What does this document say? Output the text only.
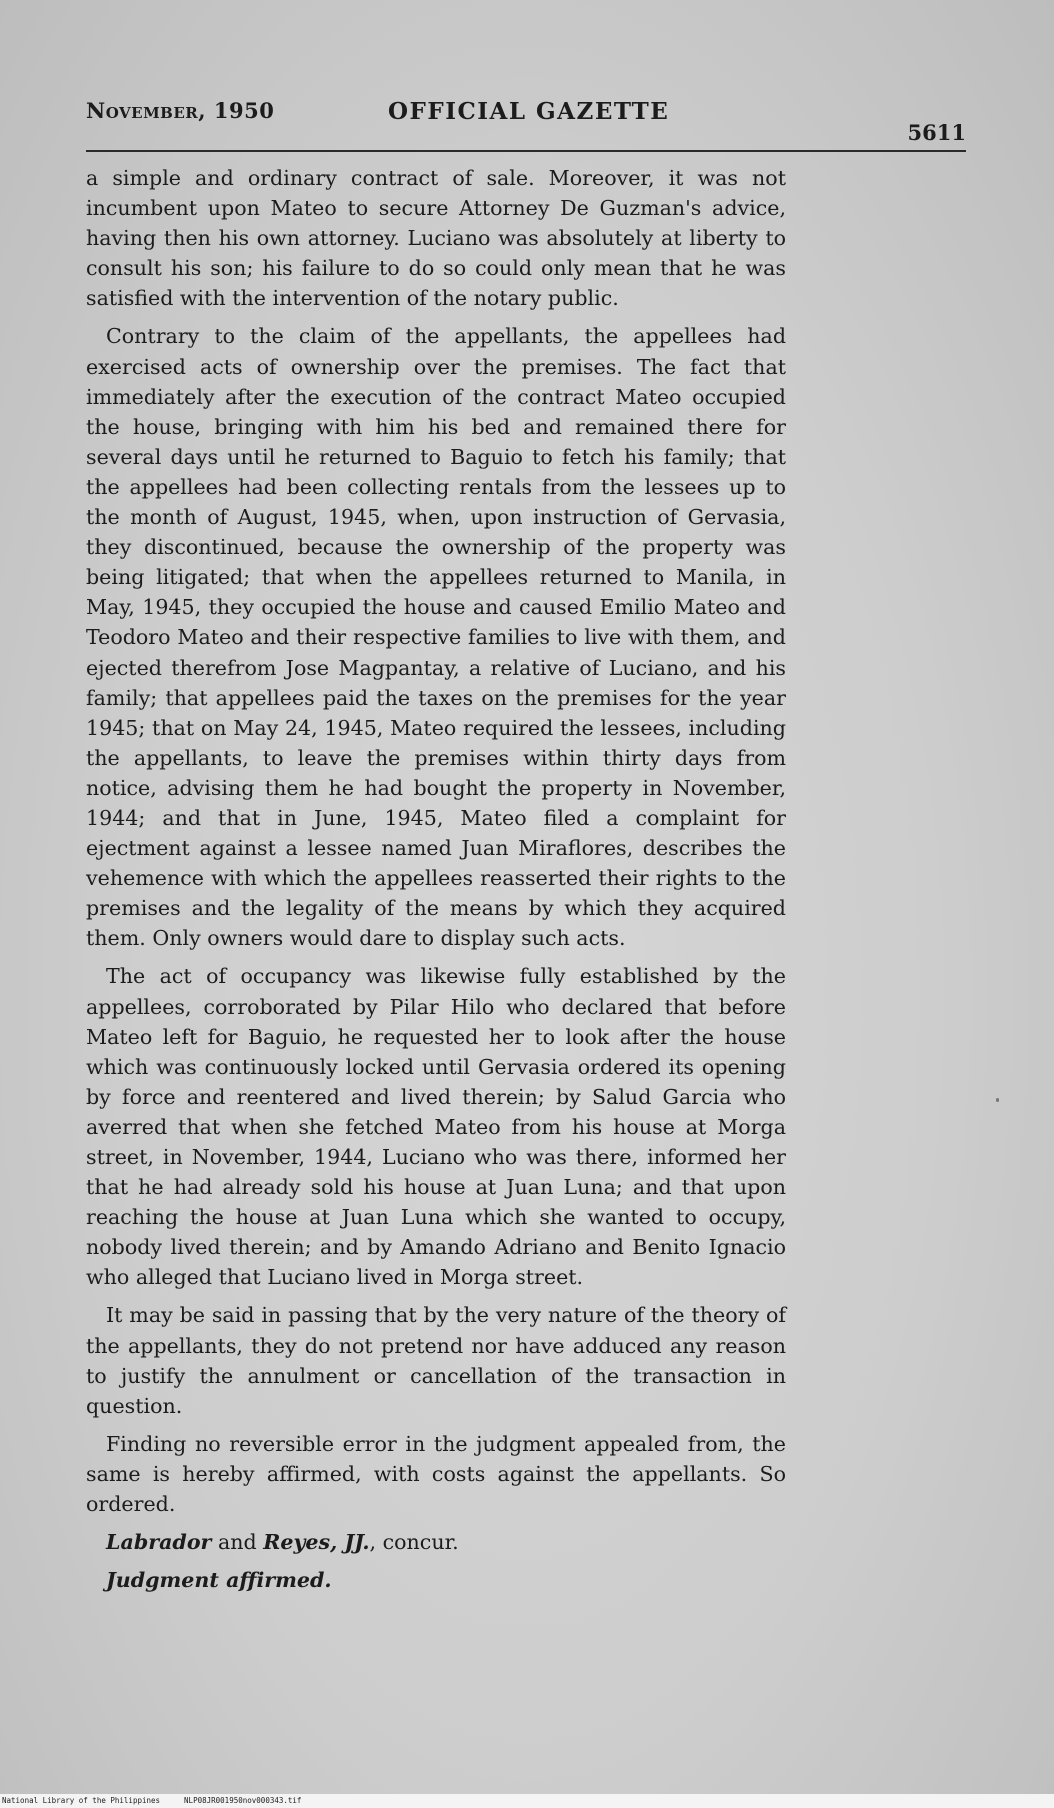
November, 1950	OFFICIAL GAZETTE
5611

a simple and ordinary contract of sale. Moreover, it was not incumbent upon Mateo to secure Attorney De Guzman's advice, having then his own attorney. Luciano was absolutely at liberty to consult his son; his failure to do so could only mean that he was satisfied with the intervention of the notary public.

Contrary to the claim of the appellants, the appellees had exercised acts of ownership over the premises. The fact that immediately after the execution of the contract Mateo occupied the house, bringing with him his bed and remained there for several days until he returned to Baguio to fetch his family; that the appellees had been collecting rentals from the lessees up to the month of August, 1945, when, upon instruction of Gervasia, they discontinued, because the ownership of the property was being litigated; that when the appellees returned to Manila, in May, 1945, they occupied the house and caused Emilio Mateo and Teodoro Mateo and their respective families to live with them, and ejected therefrom Jose Magpantay, a relative of Luciano, and his family; that appellees paid the taxes on the premises for the year 1945; that on May 24, 1945, Mateo required the lessees, including the appellants, to leave the premises within thirty days from notice, advising them he had bought the property in November, 1944; and that in June, 1945, Mateo filed a complaint for ejectment against a lessee named Juan Miraflores, describes the vehemence with which the appellees reasserted their rights to the premises and the legality of the means by which they acquired them. Only owners would dare to display such acts.

The act of occupancy was likewise fully established by the appellees, corroborated by Pilar Hilo who declared that before Mateo left for Baguio, he requested her to look after the house which was continuously locked until Gervasia ordered its opening by force and reentered and lived therein; by Salud Garcia who averred that when she fetched Mateo from his house at Morga street, in November, 1944, Luciano who was there, informed her that he had already sold his house at Juan Luna; and that upon reaching the house at Juan Luna which she wanted to occupy, nobody lived therein; and by Amando Adriano and Benito Ignacio who alleged that Luciano lived in Morga street.

It may be said in passing that by the very nature of the theory of the appellants, they do not pretend nor have adduced any reason to justify the annulment or cancellation of the transaction in question.

Finding no reversible error in the judgment appealed from, the same is hereby affirmed, with costs against the appellants. So ordered.

Labrador and Reyes, JJ., concur.

Judgment affirmed.

National Library of the Philippines	NLP08JR001950nov000343.tif
